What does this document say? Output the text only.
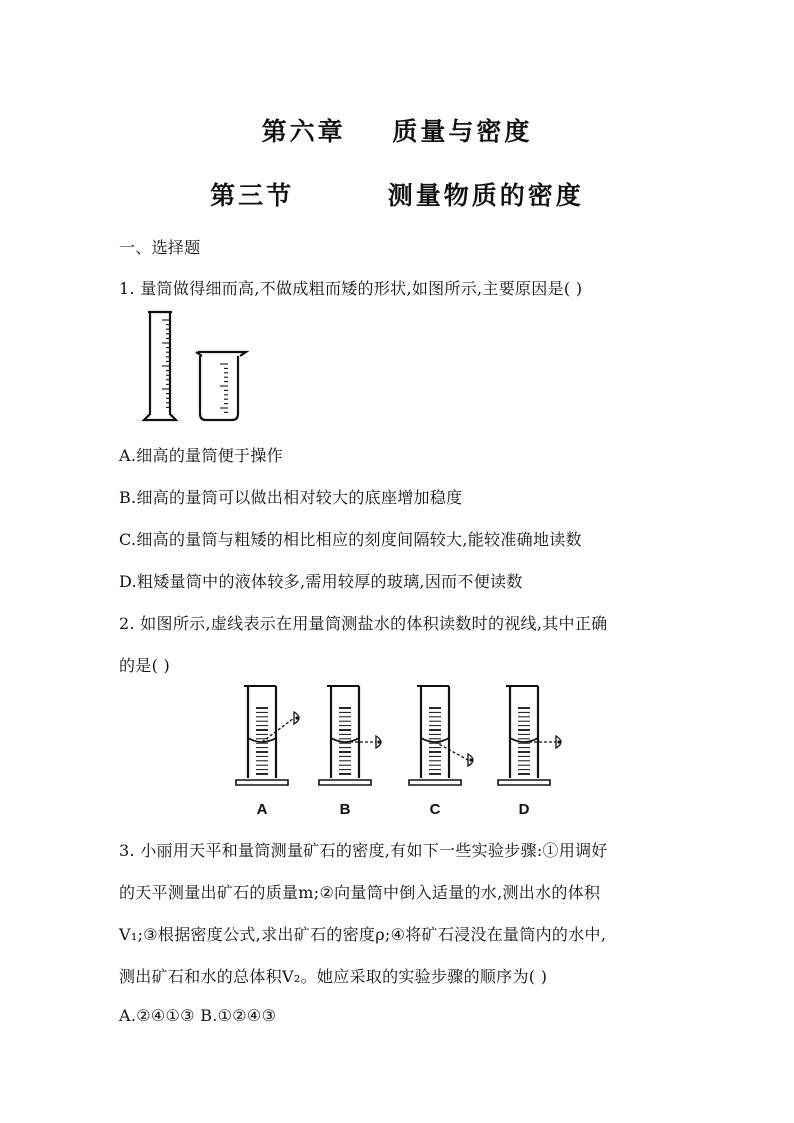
第六章    质量与密度
第三节        测量物质的密度
一、选择题
1. 量筒做得细而高,不做成粗而矮的形状,如图所示,主要原因是( )
A.细高的量筒便于操作
B.细高的量筒可以做出相对较大的底座增加稳度
C.细高的量筒与粗矮的相比相应的刻度间隔较大,能较准确地读数
D.粗矮量筒中的液体较多,需用较厚的玻璃,因而不便读数
2. 如图所示,虚线表示在用量筒测盐水的体积读数时的视线,其中正确
的是( )
A	B	C	D
3. 小丽用天平和量筒测量矿石的密度,有如下一些实验步骤:①用调好
的天平测量出矿石的质量m;②向量筒中倒入适量的水,测出水的体积
V₁;③根据密度公式,求出矿石的密度ρ;④将矿石浸没在量筒内的水中,
测出矿石和水的总体积V₂。她应采取的实验步骤的顺序为( )
A.②④①③ B.①②④③
